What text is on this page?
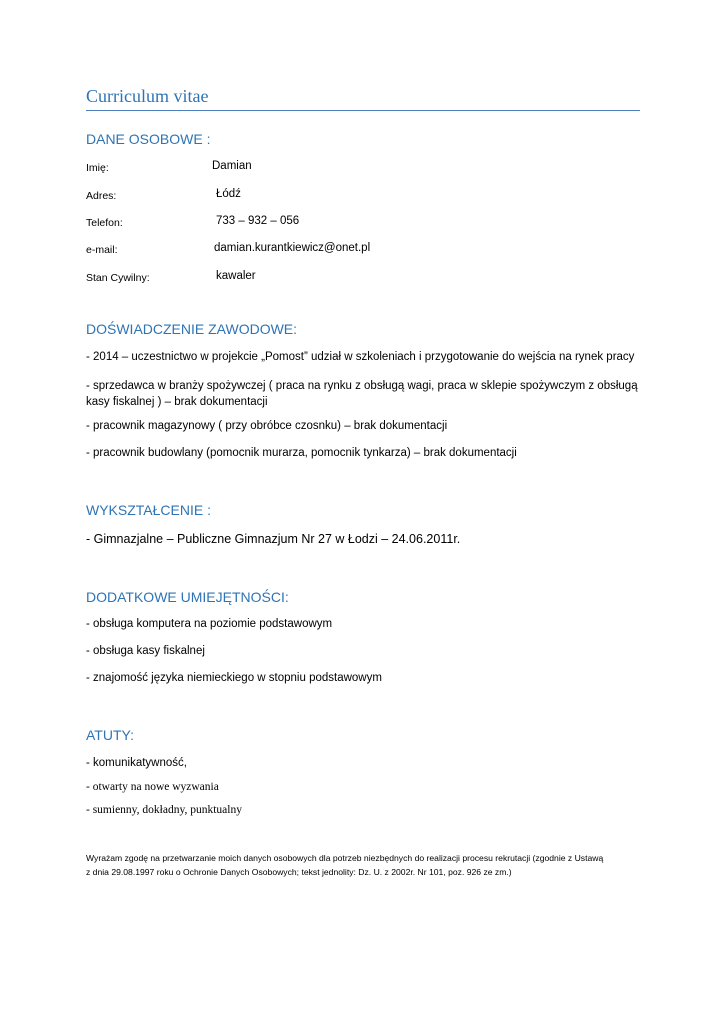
Curriculum vitae
DANE OSOBOWE :
Imię:	Damian
Adres:	Łódź
Telefon:	733 – 932 – 056
e-mail:	damian.kurantkiewicz@onet.pl
Stan Cywilny:	kawaler
DOŚWIADCZENIE ZAWODOWE:
- 2014 – uczestnictwo w projekcie „Pomost” udział w szkoleniach i przygotowanie do wejścia na rynek pracy
- sprzedawca w branży spożywczej ( praca na rynku z obsługą wagi, praca w sklepie spożywczym z obsługą kasy fiskalnej ) – brak dokumentacji
- pracownik magazynowy ( przy obróbce czosnku) – brak dokumentacji
- pracownik budowlany (pomocnik murarza, pomocnik tynkarza) – brak dokumentacji
WYKSZTAŁCENIE :
- Gimnazjalne – Publiczne Gimnazjum Nr 27 w Łodzi – 24.06.2011r.
DODATKOWE UMIEJĘTNOŚCI:
- obsługa komputera na poziomie podstawowym
- obsługa kasy fiskalnej
- znajomość języka niemieckiego w stopniu podstawowym
ATUTY:
- komunikatywność,
- otwarty na nowe wyzwania
- sumienny, dokładny, punktualny
Wyrażam zgodę na przetwarzanie moich danych osobowych dla potrzeb niezbędnych do realizacji procesu rekrutacji (zgodnie z Ustawą
z dnia 29.08.1997 roku o Ochronie Danych Osobowych; tekst jednolity: Dz. U. z 2002r. Nr 101, poz. 926 ze zm.)
